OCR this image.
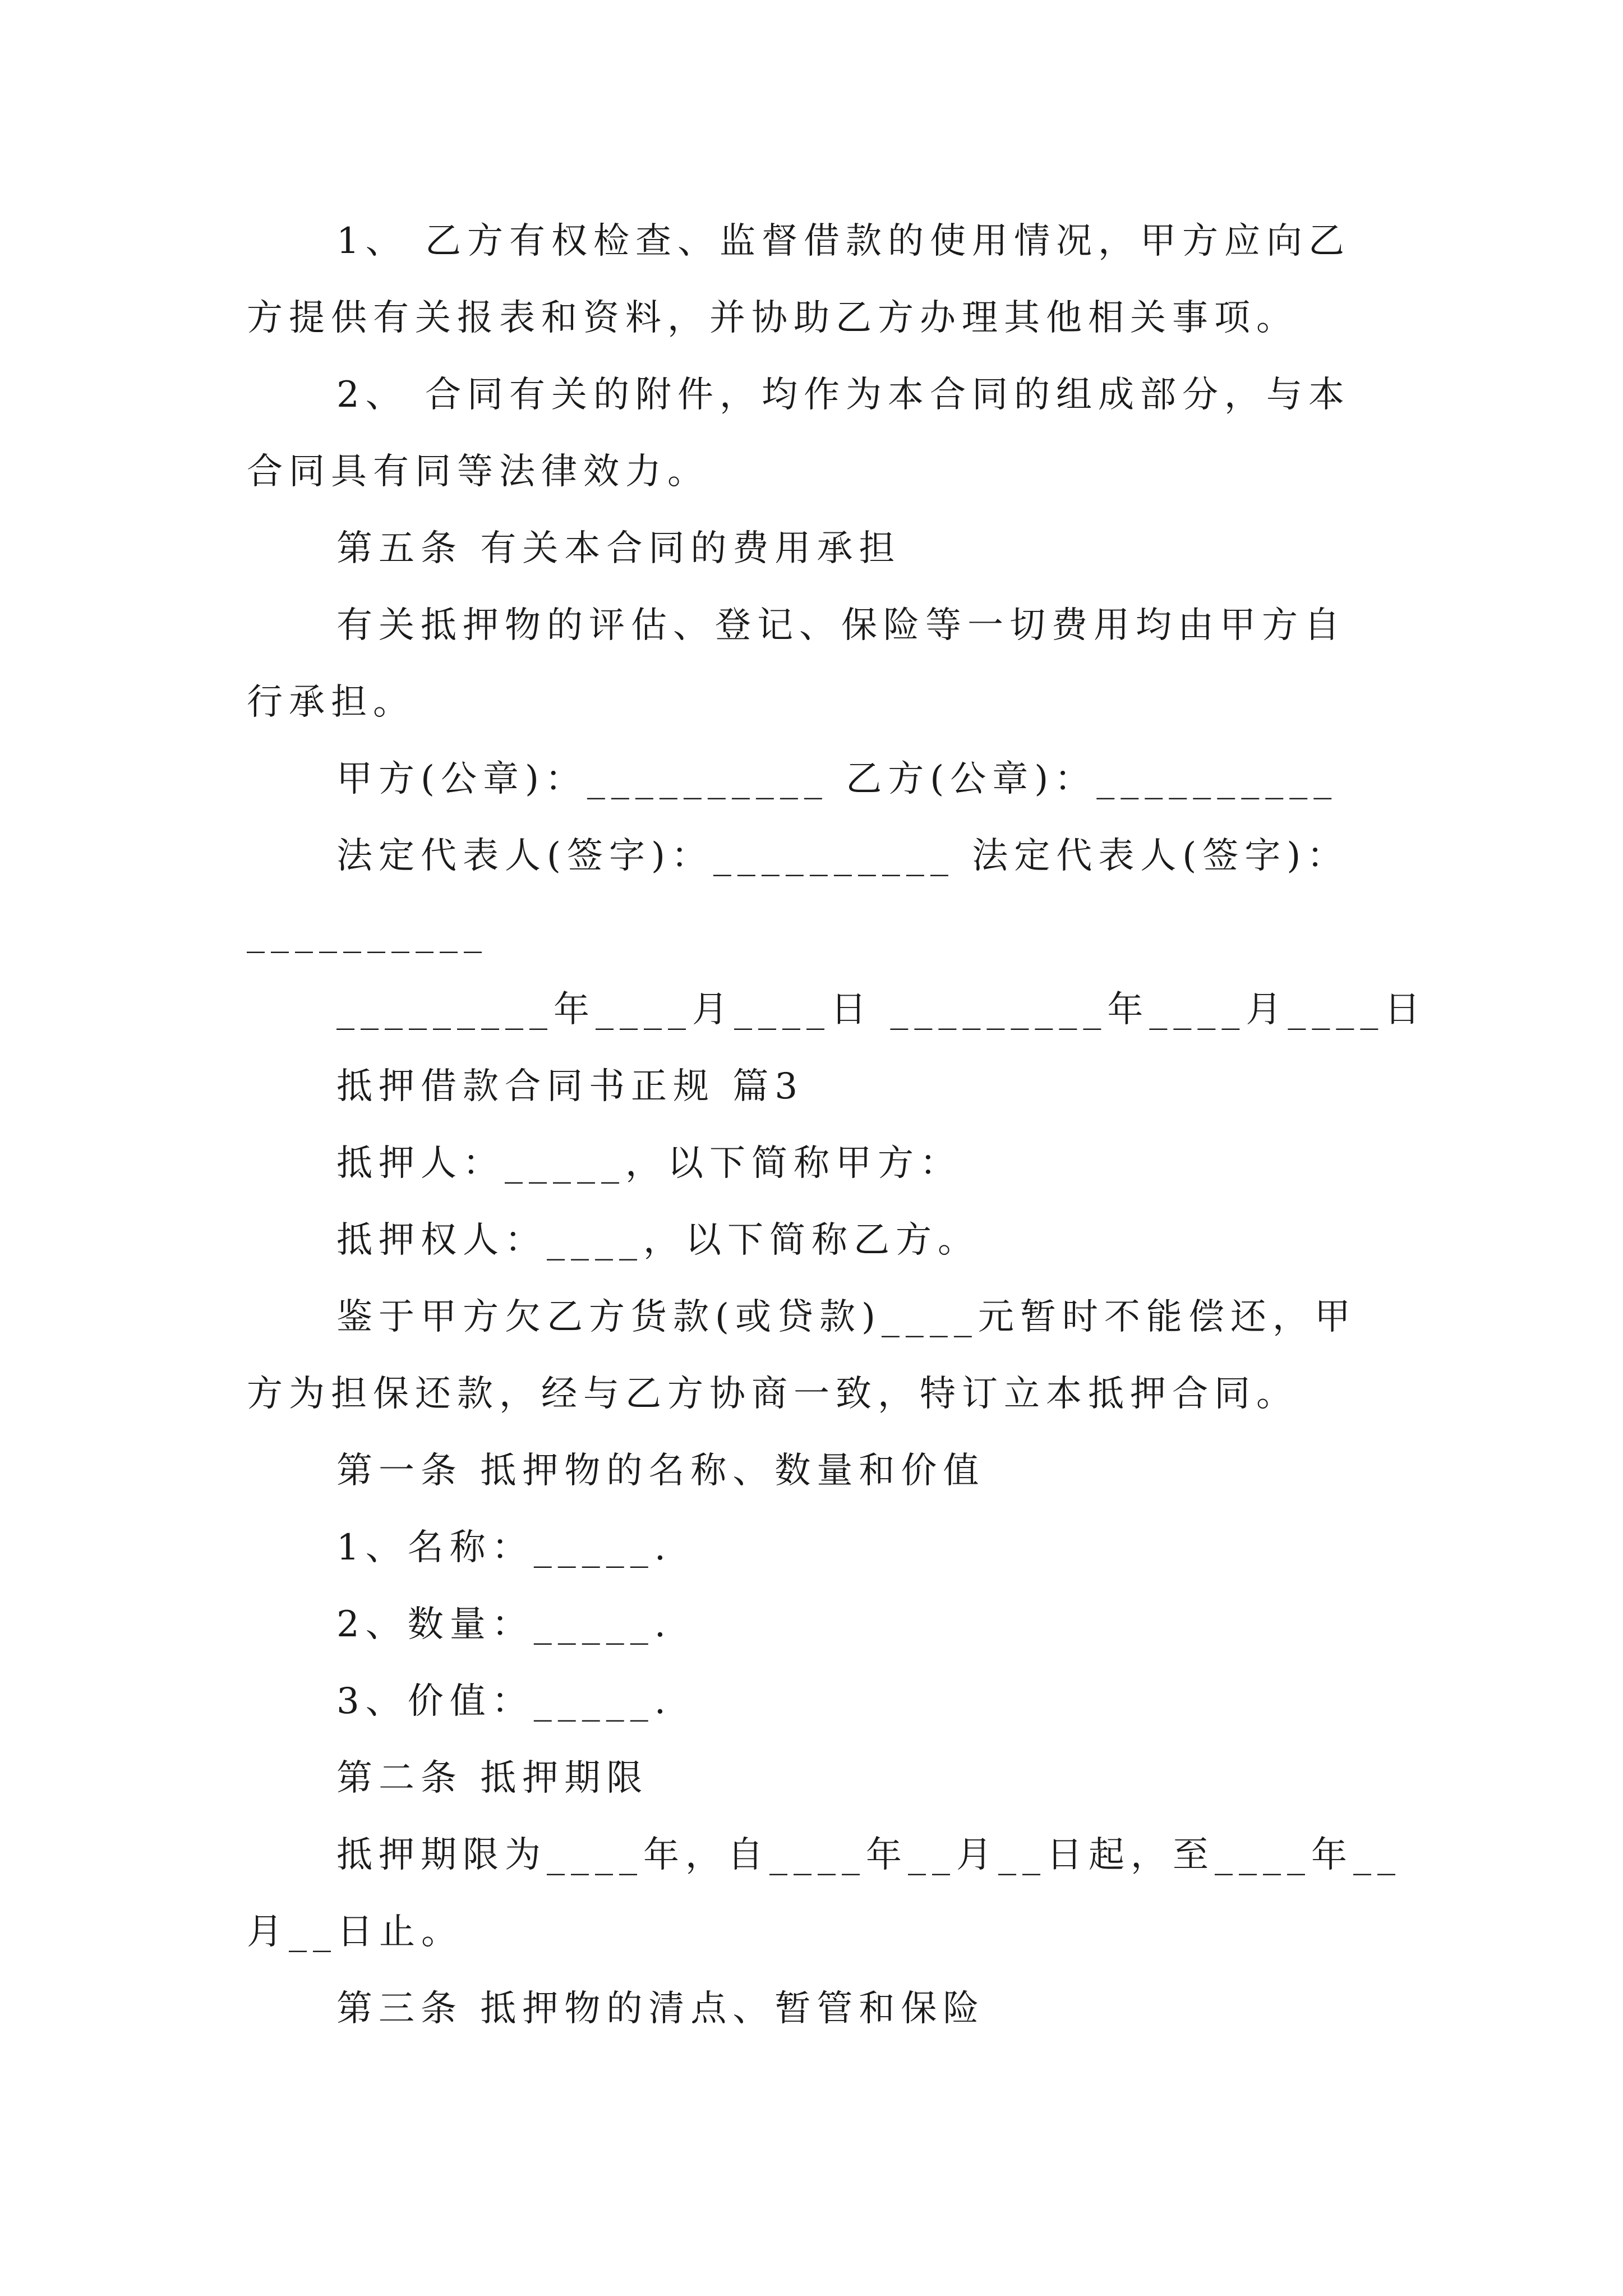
1、 乙方有权检查、监督借款的使用情况，甲方应向乙
方提供有关报表和资料，并协助乙方办理其他相关事项。
2、 合同有关的附件，均作为本合同的组成部分，与本
合同具有同等法律效力。
第五条 有关本合同的费用承担
有关抵押物的评估、登记、保险等一切费用均由甲方自
行承担。
甲方(公章)：__________ 乙方(公章)：__________
法定代表人(签字)：__________ 法定代表人(签字)：
__________
_________年____月____日 _________年____月____日
抵押借款合同书正规 篇3
抵押人：_____，以下简称甲方：
抵押权人：____，以下简称乙方。
鉴于甲方欠乙方货款(或贷款)____元暂时不能偿还，甲
方为担保还款，经与乙方协商一致，特订立本抵押合同。
第一条 抵押物的名称、数量和价值
1、名称：_____.
2、数量：_____.
3、价值：_____.
第二条 抵押期限
抵押期限为____年，自____年__月__日起，至____年__
月__日止。
第三条 抵押物的清点、暂管和保险
